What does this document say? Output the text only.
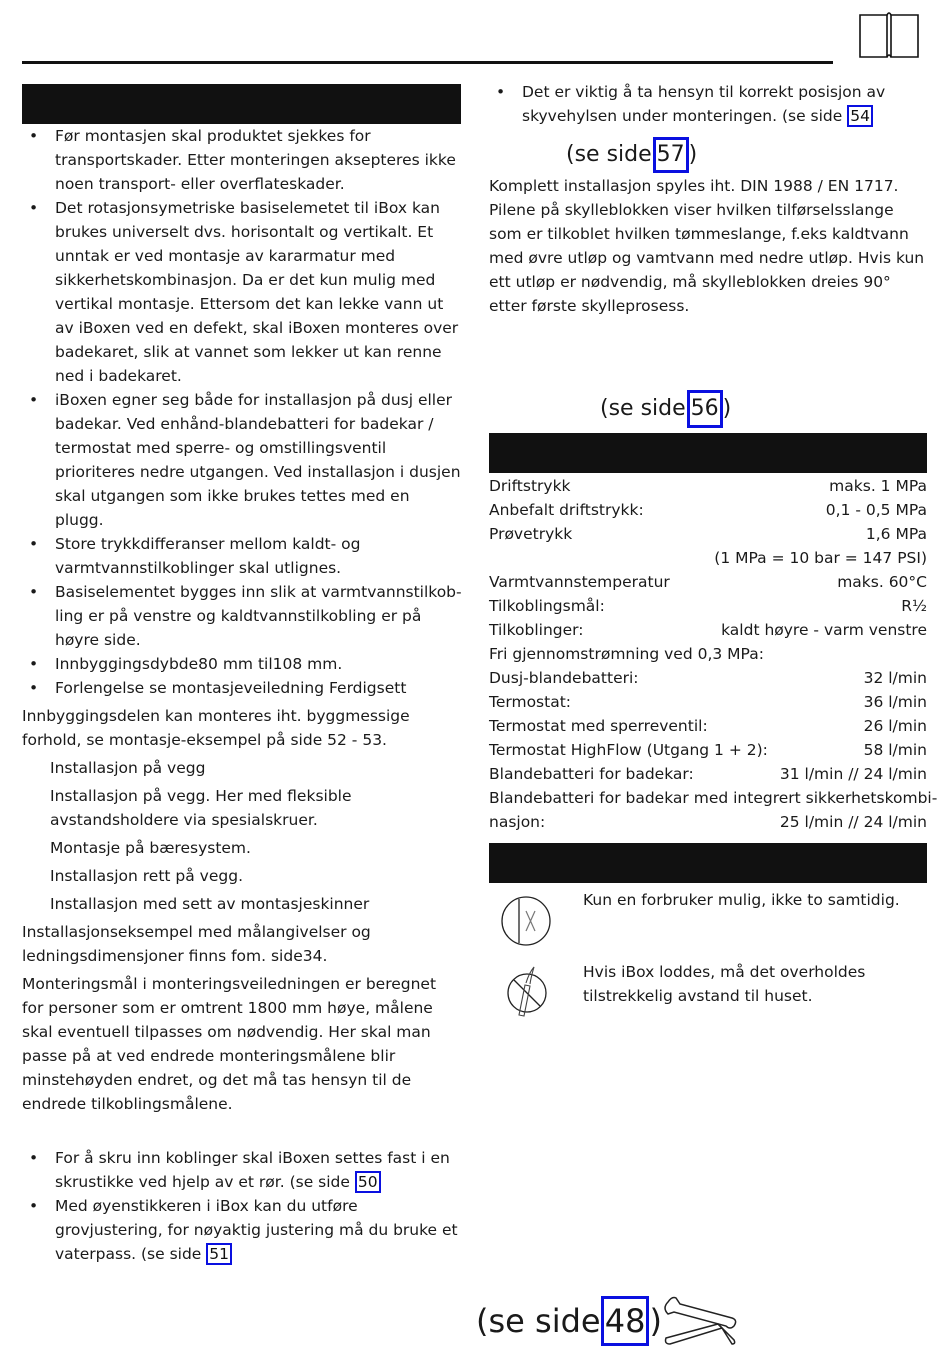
• Før montasjen skal produktet sjekkes for transportskader. Etter monteringen aksepteres ikke noen transport- eller overflateskader.
• Det rotasjonsymetriske basiselemetet til iBox kan brukes universelt dvs. horisontalt og vertikalt. Et unntak er ved montasje av kararmatur med sikkerhetskombinasjon. Da er det kun mulig med vertikal montasje. Ettersom det kan lekke vann ut av iBoxen ved en defekt, skal iBoxen monteres over badekaret, slik at vannet som lekker ut kan renne ned i badekaret.
• iBoxen egner seg både for installasjon på dusj eller badekar. Ved enhånd-blandebatteri for badekar / termostat med sperre- og omstillingsventil prioriteres nedre utgangen. Ved installasjon i dusjen skal utgangen som ikke brukes tettes med en plugg.
• Store trykkdifferanser mellom kaldt- og varmtvannstilkoblinger skal utlignes.
• Basiselementet bygges inn slik at varmtvannstilkob-ling er på venstre og kaldtvannstilkobling er på høyre side.
• Innbyggingsdybde80 mm til108 mm.
• Forlengelse se montasjeveiledning Ferdigsett

Innbyggingsdelen kan monteres iht. byggmessige forhold, se montasje-eksempel på side 52 - 53.

Installasjon på vegg
Installasjon på vegg. Her med fleksible avstandsholdere via spesialskruer.
Montasje på bæresystem.
Installasjon rett på vegg.
Installasjon med sett av montasjeskinner

Installasjonseksempel med målangivelser og ledningsdimensjoner finns fom. side34.

Monteringsmål i monteringsveiledningen er beregnet for personer som er omtrent 1800 mm høye, målene skal eventuell tilpasses om nødvendig. Her skal man passe på at ved endrede monteringsmålene blir minstehøyden endret, og det må tas hensyn til de endrede tilkoblingsmålene.

• For å skru inn koblinger skal iBoxen settes fast i en skrustikke ved hjelp av et rør. (se side 50
• Med øyenstikkeren i iBox kan du utføre grovjustering, for nøyaktig justering må du bruke et vaterpass. (se side 51
• Det er viktig å ta hensyn til korrekt posisjon av skyvehylsen under monteringen. (se side 54
(se side 57 )

Komplett installasjon spyles iht. DIN 1988 / EN 1717. Pilene på skylleblokken viser hvilken tilførselsslange som er tilkoblet hvilken tømmeslange, f.eks kaldtvann med øvre utløp og vamtvann med nedre utløp. Hvis kun ett utløp er nødvendig, må skylleblokken dreies 90° etter første skylleprosess.

(se side 56 )
Driftstrykk	maks. 1 MPa
Anbefalt driftstrykk:	0,1 - 0,5 MPa
Prøvetrykk	1,6 MPa
(1 MPa = 10 bar = 147 PSI)
Varmtvannstemperatur	maks. 60°C
Tilkoblingsmål:	R½
Tilkoblinger:	kaldt høyre - varm venstre
Fri gjennomstrømning ved 0,3 MPa:
Dusj-blandebatteri:	32 l/min
Termostat:	36 l/min
Termostat med sperreventil:	26 l/min
Termostat HighFlow (Utgang 1 + 2):	58 l/min
Blandebatteri for badekar:	31 l/min // 24 l/min
Blandebatteri for badekar med integrert sikkerhetskombi-
nasjon:	25 l/min // 24 l/min
Kun en forbruker mulig, ikke to samtidig.
Hvis iBox loddes, må det overholdes tilstrekkelig avstand til huset.
(se side 48 )
